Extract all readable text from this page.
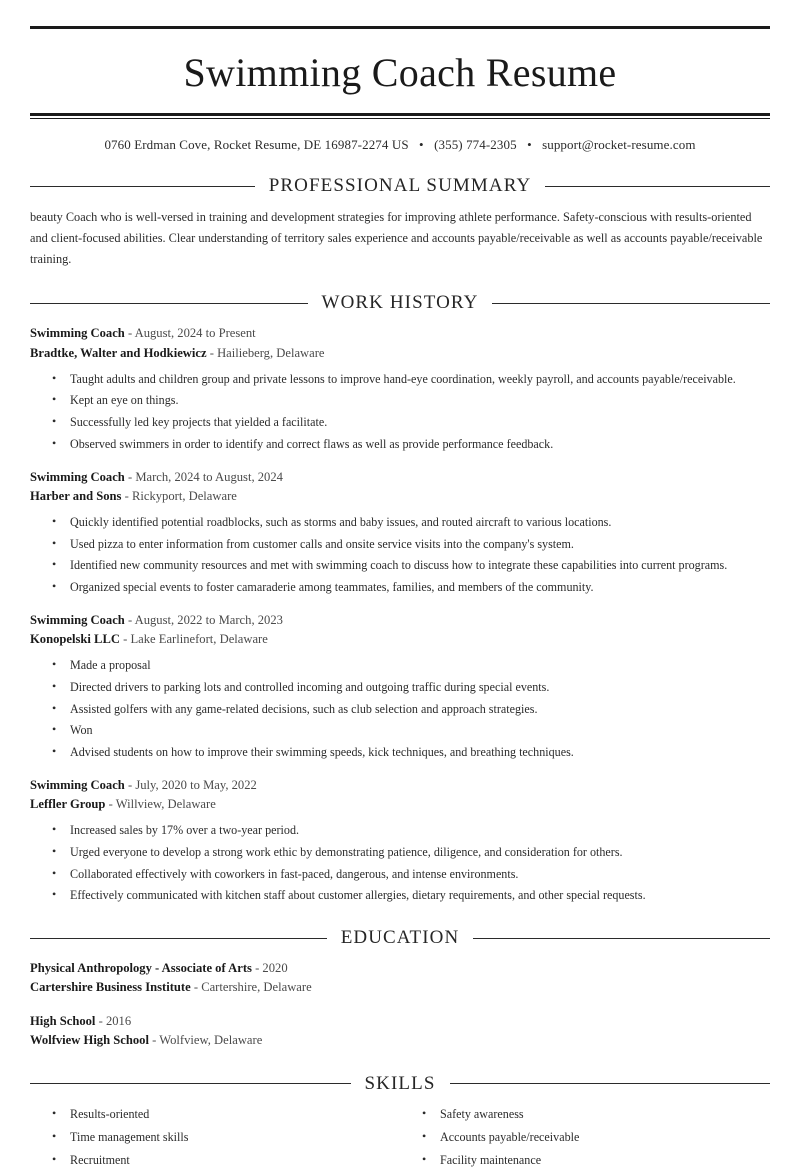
Swimming Coach Resume
0760 Erdman Cove, Rocket Resume, DE 16987-2274 US • (355) 774-2305 • support@rocket-resume.com
PROFESSIONAL SUMMARY

beauty Coach who is well-versed in training and development strategies for improving athlete performance. Safety-conscious with results-oriented and client-focused abilities. Clear understanding of territory sales experience and accounts payable/receivable as well as accounts payable/receivable training.

WORK HISTORY
Swimming Coach - August, 2024 to Present
Bradtke, Walter and Hodkiewicz - Hailieberg, Delaware
• Taught adults and children group and private lessons to improve hand-eye coordination, weekly payroll, and accounts payable/receivable.
• Kept an eye on things.
• Successfully led key projects that yielded a facilitate.
• Observed swimmers in order to identify and correct flaws as well as provide performance feedback.
Swimming Coach - March, 2024 to August, 2024
Harber and Sons - Rickyport, Delaware
• Quickly identified potential roadblocks, such as storms and baby issues, and routed aircraft to various locations.
• Used pizza to enter information from customer calls and onsite service visits into the company's system.
• Identified new community resources and met with swimming coach to discuss how to integrate these capabilities into current programs.
• Organized special events to foster camaraderie among teammates, families, and members of the community.
Swimming Coach - August, 2022 to March, 2023
Konopelski LLC - Lake Earlinefort, Delaware
• Made a proposal
• Directed drivers to parking lots and controlled incoming and outgoing traffic during special events.
• Assisted golfers with any game-related decisions, such as club selection and approach strategies.
• Won
• Advised students on how to improve their swimming speeds, kick techniques, and breathing techniques.
Swimming Coach - July, 2020 to May, 2022
Leffler Group - Willview, Delaware
• Increased sales by 17% over a two-year period.
• Urged everyone to develop a strong work ethic by demonstrating patience, diligence, and consideration for others.
• Collaborated effectively with coworkers in fast-paced, dangerous, and intense environments.
• Effectively communicated with kitchen staff about customer allergies, dietary requirements, and other special requests.
EDUCATION
Physical Anthropology - Associate of Arts - 2020
Cartershire Business Institute - Cartershire, Delaware
High School - 2016
Wolfview High School - Wolfview, Delaware
SKILLS
• Results-oriented
• Time management skills
• Recruitment
• Safety awareness
• Accounts payable/receivable
• Facility maintenance
